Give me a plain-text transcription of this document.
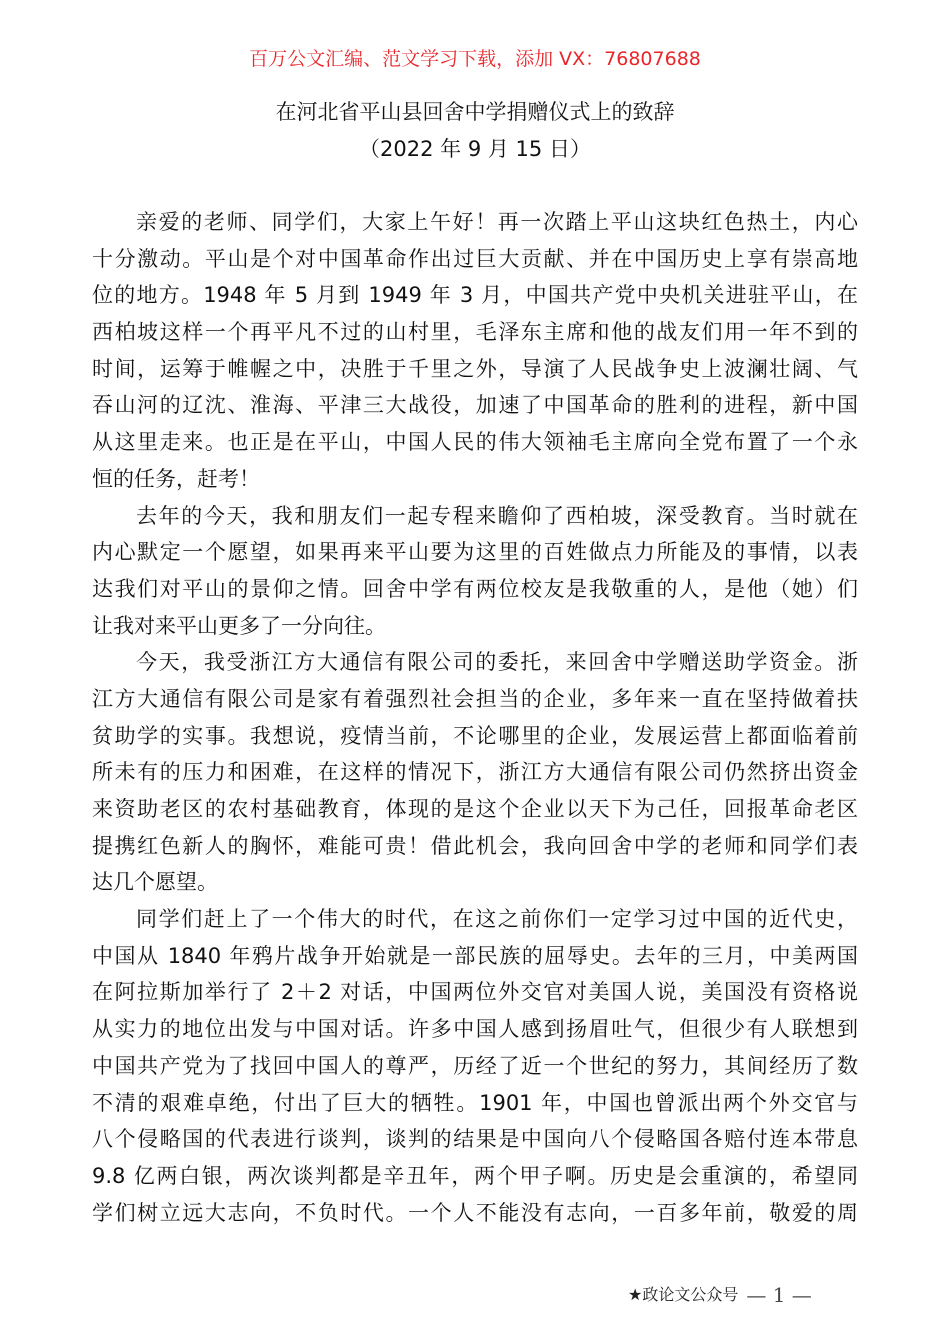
百万公文汇编、范文学习下载，添加 VX：76807688
在河北省平山县回舍中学捐赠仪式上的致辞
（2022 年 9 月 15 日）
亲爱的老师、同学们，大家上午好！再一次踏上平山这块红色热土，内心
十分激动。平山是个对中国革命作出过巨大贡献、并在中国历史上享有崇高地
位的地方。1948 年 5 月到 1949 年 3 月，中国共产党中央机关进驻平山，在
西柏坡这样一个再平凡不过的山村里，毛泽东主席和他的战友们用一年不到的
时间，运筹于帷幄之中，决胜于千里之外，导演了人民战争史上波澜壮阔、气
吞山河的辽沈、淮海、平津三大战役，加速了中国革命的胜利的进程，新中国
从这里走来。也正是在平山，中国人民的伟大领袖毛主席向全党布置了一个永
恒的任务，赶考！
去年的今天，我和朋友们一起专程来瞻仰了西柏坡，深受教育。当时就在
内心默定一个愿望，如果再来平山要为这里的百姓做点力所能及的事情，以表
达我们对平山的景仰之情。回舍中学有两位校友是我敬重的人，是他（她）们
让我对来平山更多了一分向往。
今天，我受浙江方大通信有限公司的委托，来回舍中学赠送助学资金。浙
江方大通信有限公司是家有着强烈社会担当的企业，多年来一直在坚持做着扶
贫助学的实事。我想说，疫情当前，不论哪里的企业，发展运营上都面临着前
所未有的压力和困难，在这样的情况下，浙江方大通信有限公司仍然挤出资金
来资助老区的农村基础教育，体现的是这个企业以天下为己任，回报革命老区
提携红色新人的胸怀，难能可贵！借此机会，我向回舍中学的老师和同学们表
达几个愿望。
同学们赶上了一个伟大的时代，在这之前你们一定学习过中国的近代史，
中国从 1840 年鸦片战争开始就是一部民族的屈辱史。去年的三月，中美两国
在阿拉斯加举行了 2＋2 对话，中国两位外交官对美国人说，美国没有资格说
从实力的地位出发与中国对话。许多中国人感到扬眉吐气，但很少有人联想到
中国共产党为了找回中国人的尊严，历经了近一个世纪的努力，其间经历了数
不清的艰难卓绝，付出了巨大的牺牲。1901 年，中国也曾派出两个外交官与
八个侵略国的代表进行谈判，谈判的结果是中国向八个侵略国各赔付连本带息
9.8 亿两白银，两次谈判都是辛丑年，两个甲子啊。历史是会重演的，希望同
学们树立远大志向，不负时代。一个人不能没有志向，一百多年前，敬爱的周
★政论文公众号 — 1 —
